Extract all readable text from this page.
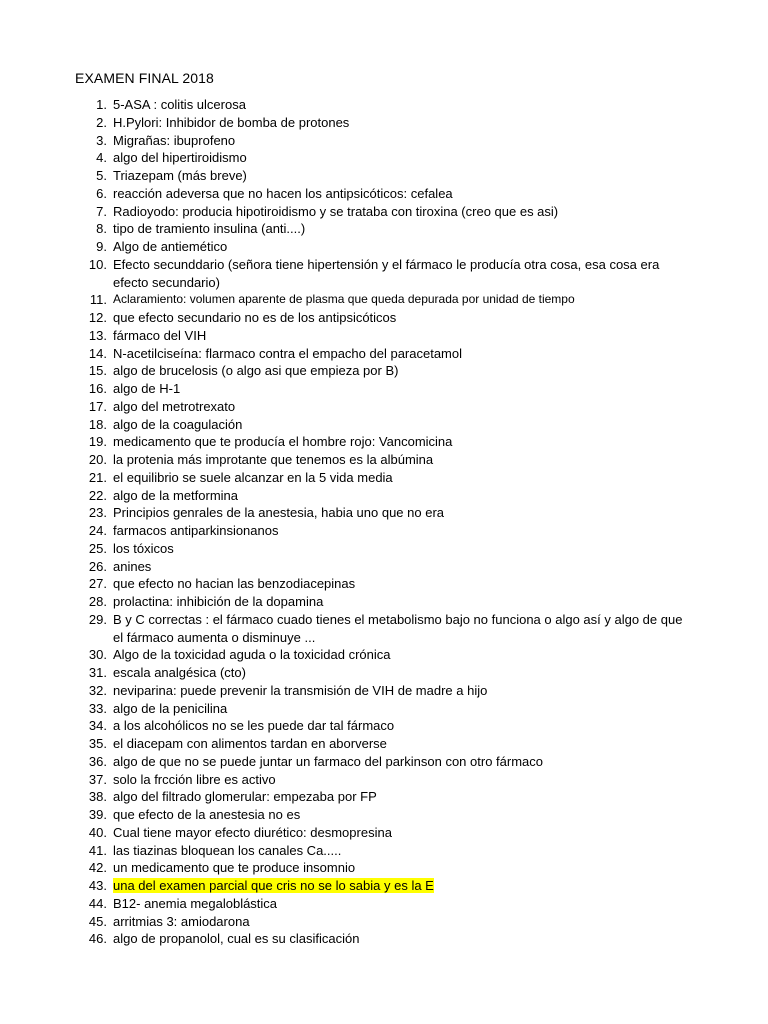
EXAMEN FINAL 2018
1. 5-ASA : colitis ulcerosa
2. H.Pylori: Inhibidor de bomba de protones
3. Migrañas: ibuprofeno
4. algo del hipertiroidismo
5. Triazepam (más breve)
6. reacción adeversa que no hacen los antipsicóticos: cefalea
7. Radioyodo: producia hipotiroidismo y se trataba con tiroxina (creo que es asi)
8. tipo de tramiento insulina (anti....)
9. Algo de antiemético
10. Efecto secunddario (señora tiene hipertensión y el fármaco le producía otra cosa, esa cosa era efecto secundario)
11. Aclaramiento: volumen aparente de plasma que queda depurada por unidad de tiempo
12. que efecto secundario no es de los antipsicóticos
13. fármaco del VIH
14. N-acetilciseína: flarmaco contra el empacho del paracetamol
15. algo de brucelosis (o algo asi que empieza por B)
16. algo de H-1
17. algo del metrotrexato
18. algo de la coagulación
19. medicamento que te producía el hombre rojo: Vancomicina
20. la protenia más improtante que tenemos es la albúmina
21. el equilibrio se suele alcanzar en la 5 vida media
22. algo de la metformina
23. Principios genrales de la anestesia, habia uno que no era
24. farmacos antiparkinsionanos
25. los tóxicos
26. anines
27. que efecto no hacian las benzodiacepinas
28. prolactina: inhibición de la dopamina
29. B y C correctas : el fármaco cuado tienes el metabolismo bajo no funciona o algo así y algo de que el fármaco aumenta o disminuye ...
30. Algo de la toxicidad aguda o la toxicidad crónica
31. escala analgésica (cto)
32. neviparina: puede prevenir la transmisión de VIH de madre a hijo
33. algo de la penicilina
34. a los alcohólicos no se les puede dar tal fármaco
35. el diacepam con alimentos tardan en aborverse
36. algo de que no se puede juntar un farmaco del parkinson con otro fármaco
37. solo la frcción libre es activo
38. algo del filtrado glomerular: empezaba por FP
39. que efecto de la anestesia no es
40. Cual tiene mayor efecto diurético: desmopresina
41. las tiazinas bloquean los canales Ca.....
42. un medicamento que te produce insomnio
43. una del examen parcial que cris no se lo sabia y es la E
44. B12- anemia megaloblástica
45. arritmias 3: amiodarona
46. algo de propanolol, cual es su clasificación
